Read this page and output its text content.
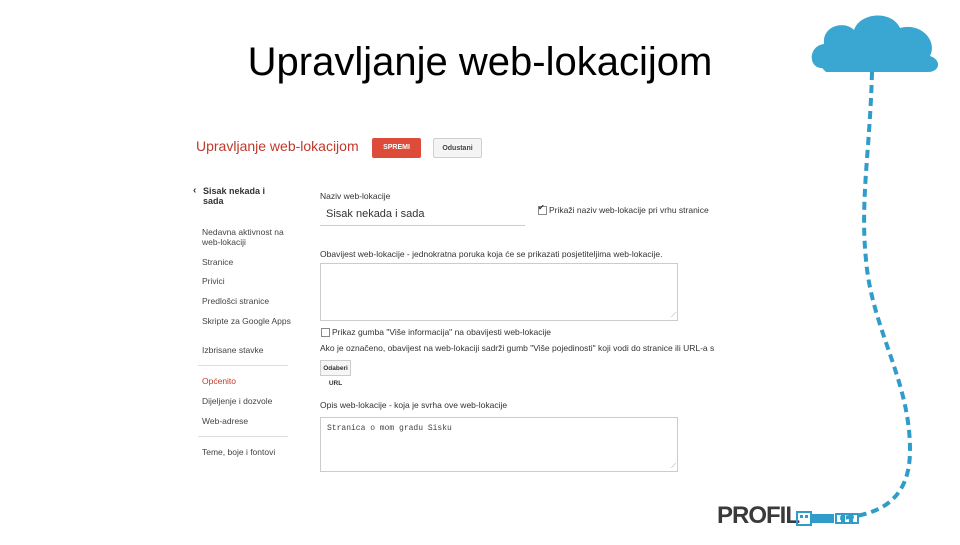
Upravljanje web-lokacijom
Upravljanje web-lokacijom	SPREMI	Odustani
‹ Sisak nekada i sada
Nedavna aktivnost na web-lokaciji
Stranice
Privici
Predlošci stranice
Skripte za Google Apps
Izbrisane stavke
Općenito
Dijeljenje i dozvole
Web-adrese
Teme, boje i fontovi
Naziv web-lokacije
Sisak nekada i sada
✔	Prikaži naziv web-lokacije pri vrhu stranice
Obavijest web-lokacije - jednokratna poruka koja će se prikazati posjetiteljima web-lokacije.
⟋
Prikaz gumba "Više informacija" na obavijesti web-lokacije
Ako je označeno, obavijest na web-lokaciji sadrži gumb "Više pojedinosti" koji vodi do stranice ili URL-a s
Odaberi URL
Opis web-lokacije - koja je svrha ove web-lokacije
Stranica o mom gradu Sisku
⟋
PROFIL
